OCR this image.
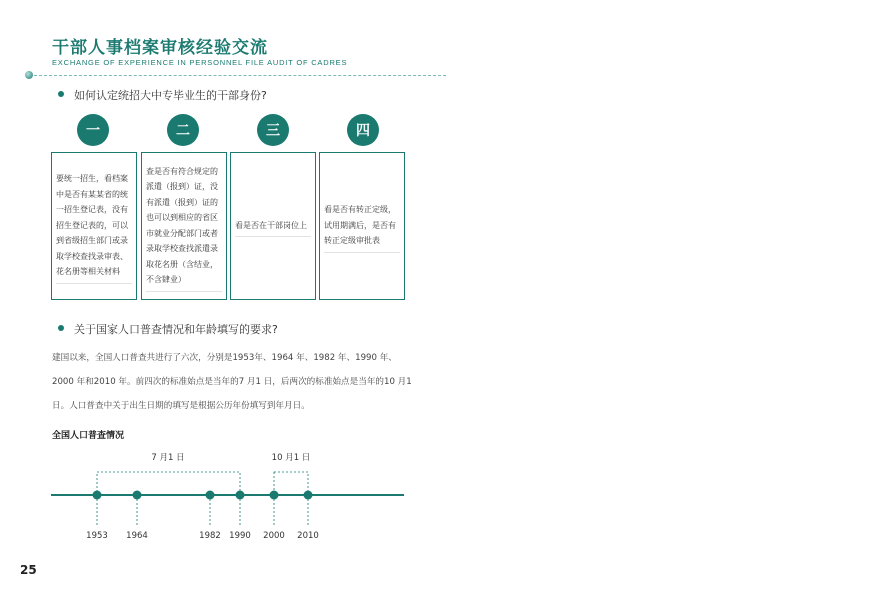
干部人事档案审核经验交流

EXCHANGE OF EXPERIENCE IN PERSONNEL FILE AUDIT OF CADRES

如何认定统招大中专毕业生的干部身份?
一	二	三	四
要统一招生，看档案中是否有某某省的统一招生登记表，没有招生登记表的，可以到省级招生部门或录取学校查找录审表、花名册等相关材料
查是否有符合规定的派遣（报到）证，没有派遣（报到）证的也可以到相应的省区市就业分配部门或者录取学校查找派遣录取花名册（含结业，不含肄业）
看是否在干部岗位上
看是否有转正定级，试用期满后，是否有转正定级审批表
关于国家人口普查情况和年龄填写的要求?

建国以来，全国人口普查共进行了六次，分别是1953年、1964 年、1982 年、1990 年、2000 年和2010 年。前四次的标准始点是当年的7 月1 日，后两次的标准始点是当年的10 月1 日。人口普查中关于出生日期的填写是根据公历年份填写到年月日。

全国人口普查情况

7 月1 日	10 月1 日
1953 1964	1982 1990 2000 2010
25
